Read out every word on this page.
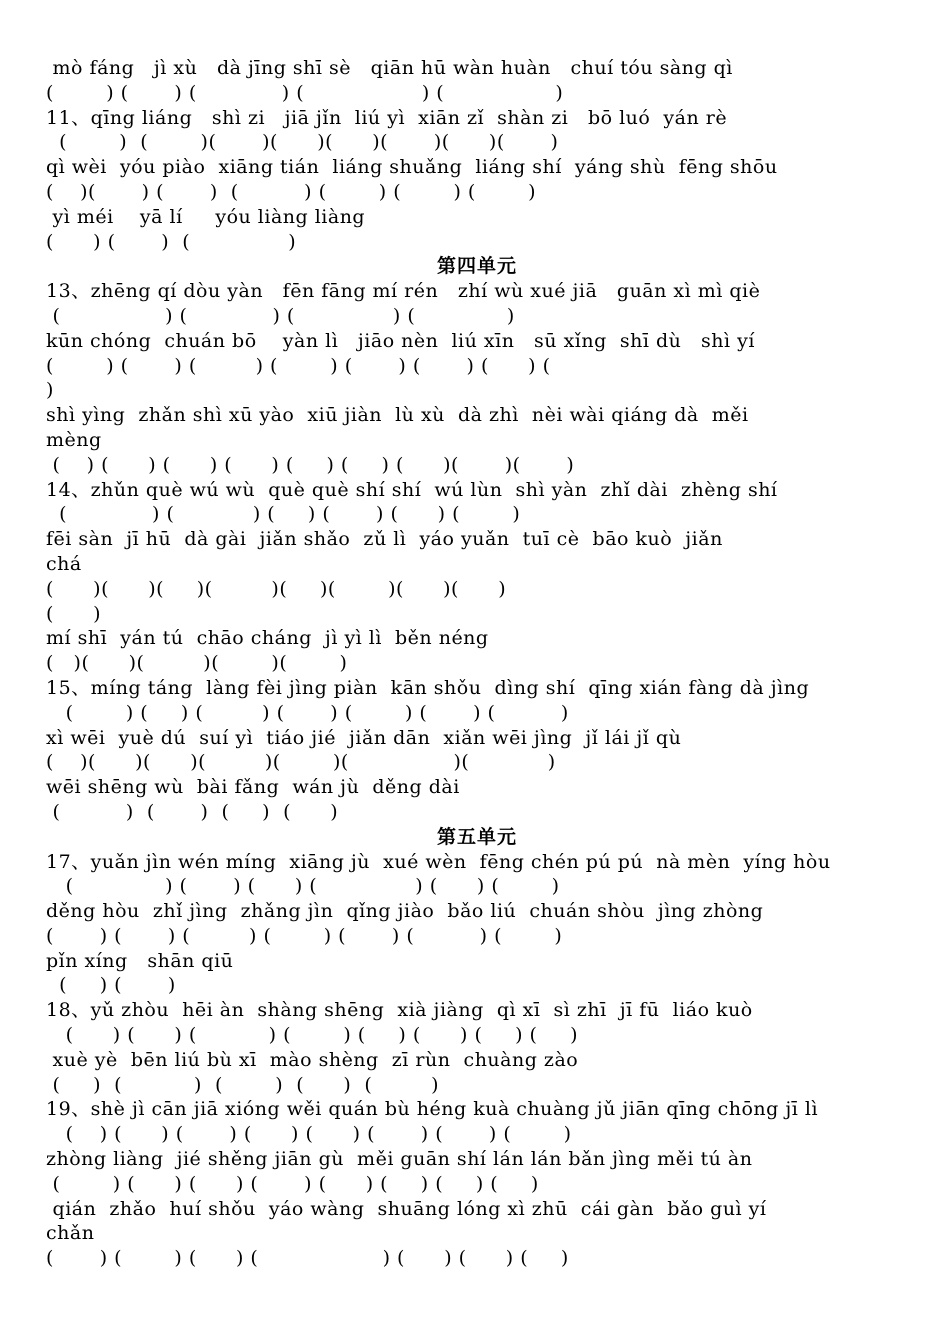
mò fáng   jì xù   dà jīng shī sè   qiān hū wàn huàn   chuí tóu sàng qì
(        ) (       ) (             ) (                  ) (                 )
11、qīng liáng   shì zi   jiā jǐn  liú yì  xiān zǐ  shàn zi   bō luó  yán rè
(        )  (        )(       )(      )(      )(       )(      )(       )
qì wèi  yóu piào  xiāng tián  liáng shuǎng  liáng shí  yáng shù  fēng shōu
(    )(       ) (       )  (          ) (        ) (        ) (        )
yì méi    yā lí     yóu liàng liàng
(      ) (       )  (               )
第四单元
13、zhēng qí dòu yàn   fēn fāng mí rén   zhí wù xué jiā   guān xì mì qiè
(                ) (             ) (               ) (              )
kūn chóng  chuán bō    yàn lì   jiāo nèn  liú xīn   sū xǐng  shī dù   shì yí
(        ) (       ) (         ) (        ) (       ) (       ) (      ) (
)
shì yìng  zhǎn shì xū yào  xiū jiàn  lù xù  dà zhì  nèi wài qiáng dà  měi
mèng
(    ) (      ) (      ) (      ) (     ) (     ) (      )(       )(       )
14、zhǔn què wú wù  què què shí shí  wú lùn  shì yàn  zhǐ dài  zhèng shí
(             ) (            ) (     ) (       ) (      ) (        )
fēi sàn  jī hū  dà gài  jiǎn shǎo  zǔ lì  yáo yuǎn  tuī cè  bāo kuò  jiǎn
chá
(      )(      )(     )(         )(     )(        )(      )(      )
(      )
mí shī  yán tú  chāo cháng  jì yì lì  běn néng
(   )(      )(         )(        )(        )
15、míng táng  làng fèi jìng piàn  kān shǒu  dìng shí  qīng xián fàng dà jìng
(        ) (     ) (         ) (       ) (        ) (       ) (          )
xì wēi  yuè dú  suí yì  tiáo jié  jiǎn dān  xiǎn wēi jìng  jǐ lái jǐ qù
(    )(      )(      )(         )(        )(                )(            )
wēi shēng wù  bài fǎng  wán jù  děng dài
(          )  (       )  (     )  (      )
第五单元
17、yuǎn jìn wén míng  xiāng jù  xué wèn  fēng chén pú pú  nà mèn  yíng hòu
(              ) (       ) (      ) (               ) (      ) (        )
děng hòu  zhǐ jìng  zhǎng jìn  qǐng jiào  bǎo liú  chuán shòu  jìng zhòng
(       ) (       ) (         ) (        ) (       ) (          ) (        )
pǐn xíng   shān qiū
(     ) (       )
18、yǔ zhòu  hēi àn  shàng shēng  xià jiàng  qì xī  sì zhī  jī fū  liáo kuò
(      ) (      ) (           ) (        ) (     ) (      ) (     ) (     )
xuè yè  bēn liú bù xī  mào shèng  zī rùn  chuàng zào
(     )  (           )  (        )  (      )  (         )
19、shè jì cān jiā xióng wěi quán bù héng kuà chuàng jǔ jiān qīng chōng jī lì
(    ) (      ) (       ) (      ) (      ) (       ) (       ) (        )
zhòng liàng  jié shěng jiān gù  měi guān shí lán lán bǎn jìng měi tú àn
(        ) (      ) (      ) (       ) (      ) (     ) (     ) (     )
qián  zhǎo  huí shǒu  yáo wàng  shuāng lóng xì zhū  cái gàn  bǎo guì yí
chǎn
(       ) (        ) (      ) (                   ) (      ) (      ) (     )
